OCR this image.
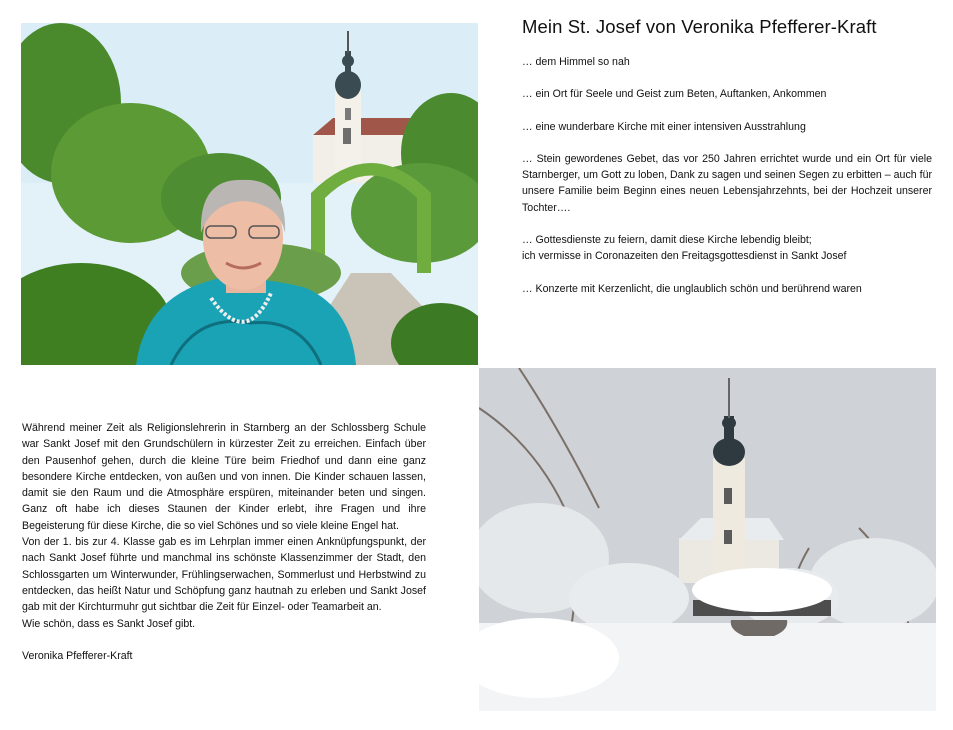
Mein St. Josef von Veronika Pfefferer-Kraft

… dem Himmel so nah

… ein Ort für Seele und Geist zum Beten, Auftanken, Ankommen

… eine wunderbare Kirche mit einer intensiven Ausstrahlung

… Stein gewordenes Gebet, das vor 250 Jahren errichtet wurde und ein Ort für viele Starnberger, um Gott zu loben, Dank zu sagen und seinen Segen zu erbitten – auch für unsere Familie beim Beginn eines neuen Lebensjahrzehnts, bei der Hochzeit unserer Tochter….

… Gottesdienste zu feiern, damit diese Kirche lebendig bleibt;

ich vermisse in Coronazeiten den Freitagsgottesdienst in Sankt Josef

… Konzerte mit Kerzenlicht, die unglaublich schön und berührend waren

Während meiner Zeit als Religionslehrerin in Starnberg an der Schlossberg Schule war Sankt Josef mit den Grundschülern in kürzester Zeit zu erreichen. Einfach über den Pausenhof gehen, durch die kleine Türe beim Friedhof und dann eine ganz besondere Kirche entdecken, von außen und von innen. Die Kinder schauen lassen, damit sie den Raum und die Atmosphäre erspüren, miteinander beten und singen. Ganz oft habe ich dieses Staunen der Kinder erlebt, ihre Fragen und ihre Begeisterung für diese Kirche, die so viel Schönes und so viele kleine Engel hat.

Von der 1. bis zur 4. Klasse gab es im Lehrplan immer einen Anknüpfungspunkt, der nach Sankt Josef führte und manchmal ins schönste Klassenzimmer der Stadt, den Schlossgarten um Winterwunder, Frühlingserwachen, Sommerlust und Herbstwind zu entdecken, das heißt Natur und Schöpfung ganz hautnah zu erleben und Sankt Josef gab mit der Kirchturmuhr gut sichtbar die Zeit für Einzel- oder Teamarbeit an.

Wie schön, dass es Sankt Josef gibt.

Veronika Pfefferer-Kraft
